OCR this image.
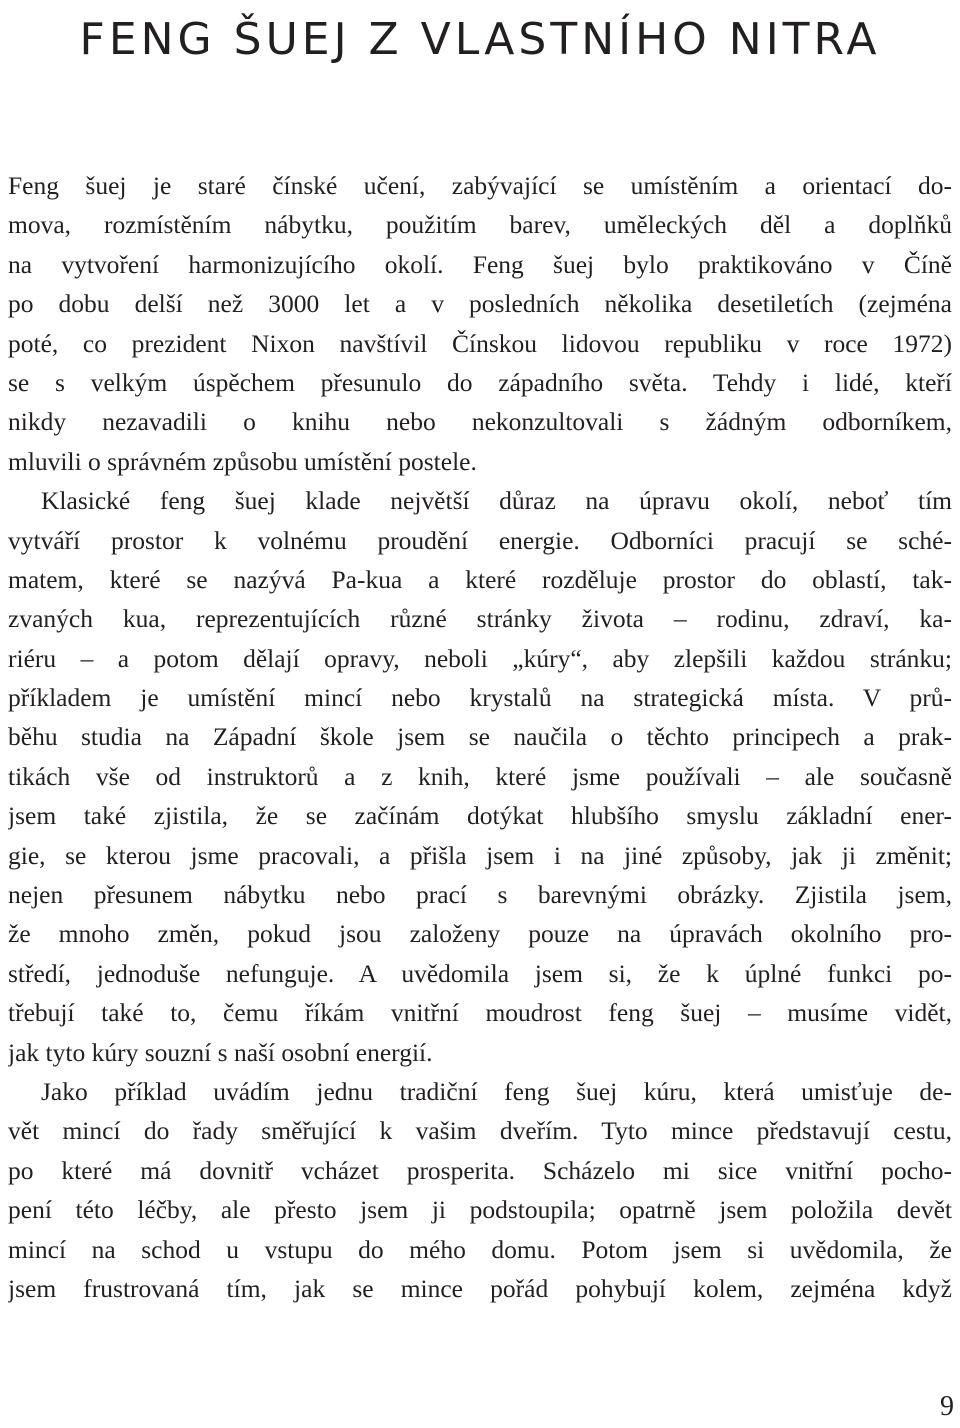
FENG ŠUEJ Z VLASTNÍHO NITRA
Feng šuej je staré čínské učení, zabývající se umístěním a orientací do-
mova, rozmístěním nábytku, použitím barev, uměleckých děl a doplňků
na vytvoření harmonizujícího okolí. Feng šuej bylo praktikováno v Číně
po dobu delší než 3000 let a v posledních několika desetiletích (zejména
poté, co prezident Nixon navštívil Čínskou lidovou republiku v roce 1972)
se s velkým úspěchem přesunulo do západního světa. Tehdy i lidé, kteří
nikdy nezavadili o knihu nebo nekonzultovali s žádným odborníkem,
mluvili o správném způsobu umístění postele.
Klasické feng šuej klade největší důraz na úpravu okolí, neboť tím
vytváří prostor k volnému proudění energie. Odborníci pracují se sché-
matem, které se nazývá Pa-kua a které rozděluje prostor do oblastí, tak-
zvaných kua, reprezentujících různé stránky života – rodinu, zdraví, ka-
riéru – a potom dělají opravy, neboli „kúry“, aby zlepšili každou stránku;
příkladem je umístění mincí nebo krystalů na strategická místa. V prů-
běhu studia na Západní škole jsem se naučila o těchto principech a prak-
tikách vše od instruktorů a z knih, které jsme používali – ale současně
jsem také zjistila, že se začínám dotýkat hlubšího smyslu základní ener-
gie, se kterou jsme pracovali, a přišla jsem i na jiné způsoby, jak ji změnit;
nejen přesunem nábytku nebo prací s barevnými obrázky. Zjistila jsem,
že mnoho změn, pokud jsou založeny pouze na úpravách okolního pro-
středí, jednoduše nefunguje. A uvědomila jsem si, že k úplné funkci po-
třebují také to, čemu říkám vnitřní moudrost feng šuej – musíme vidět,
jak tyto kúry souzní s naší osobní energií.
Jako příklad uvádím jednu tradiční feng šuej kúru, která umisťuje de-
vět mincí do řady směřující k vašim dveřím. Tyto mince představují cestu,
po které má dovnitř vcházet prosperita. Scházelo mi sice vnitřní pocho-
pení této léčby, ale přesto jsem ji podstoupila; opatrně jsem položila devět
mincí na schod u vstupu do mého domu. Potom jsem si uvědomila, že
jsem frustrovaná tím, jak se mince pořád pohybují kolem, zejména když
9
